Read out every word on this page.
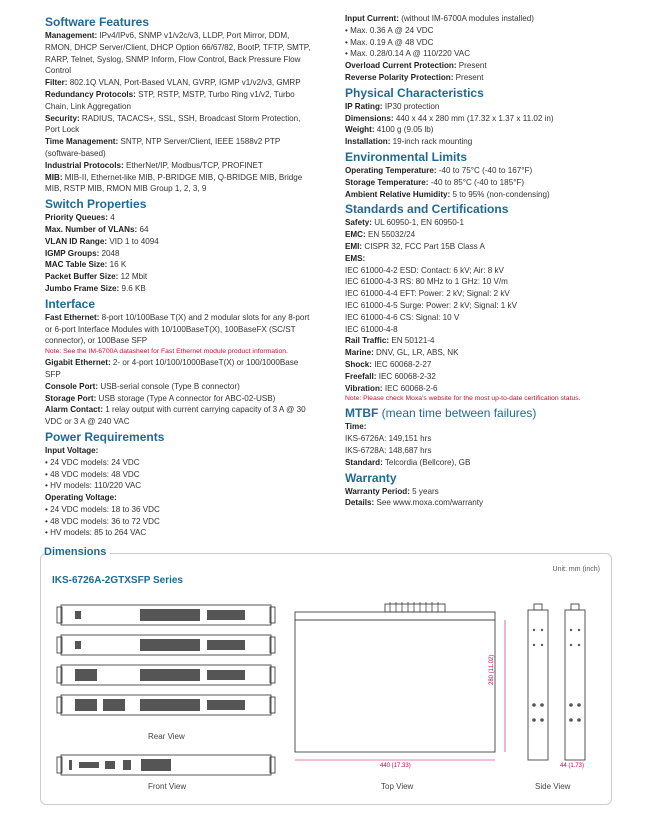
Software Features
Management: IPv4/IPv6, SNMP v1/v2c/v3, LLDP, Port Mirror, DDM, RMON, DHCP Server/Client, DHCP Option 66/67/82, BootP, TFTP, SMTP, RARP, Telnet, Syslog, SNMP Inform, Flow Control, Back Pressure Flow Control
Filter: 802.1Q VLAN, Port-Based VLAN, GVRP, IGMP v1/v2/v3, GMRP
Redundancy Protocols: STP, RSTP, MSTP, Turbo Ring v1/v2, Turbo Chain, Link Aggregation
Security: RADIUS, TACACS+, SSL, SSH, Broadcast Storm Protection, Port Lock
Time Management: SNTP, NTP Server/Client, IEEE 1588v2 PTP (software-based)
Industrial Protocols: EtherNet/IP, Modbus/TCP, PROFINET
MIB: MIB-II, Ethernet-like MIB, P-BRIDGE MIB, Q-BRIDGE MIB, Bridge MIB, RSTP MIB, RMON MIB Group 1, 2, 3, 9
Switch Properties
Priority Queues: 4
Max. Number of VLANs: 64
VLAN ID Range: VID 1 to 4094
IGMP Groups: 2048
MAC Table Size: 16 K
Packet Buffer Size: 12 Mbit
Jumbo Frame Size: 9.6 KB
Interface
Fast Ethernet: 8-port 10/100Base T(X) and 2 modular slots for any 8-port or 6-port Interface Modules with 10/100BaseT(X), 100BaseFX (SC/ST connector), or 100Base SFP
Note: See the IM-6700A datasheet for Fast Ethernet module product information.
Gigabit Ethernet: 2- or 4-port 10/100/1000BaseT(X) or 100/1000Base SFP
Console Port: USB-serial console (Type B connector)
Storage Port: USB storage (Type A connector for ABC-02-USB)
Alarm Contact: 1 relay output with current carrying capacity of 3 A @ 30 VDC or 3 A @ 240 VAC
Power Requirements
Input Voltage:
• 24 VDC models: 24 VDC
• 48 VDC models: 48 VDC
• HV models: 110/220 VAC
Operating Voltage:
• 24 VDC models: 18 to 36 VDC
• 48 VDC models: 36 to 72 VDC
• HV models: 85 to 264 VAC
Input Current: (without IM-6700A modules installed)
• Max. 0.36 A @ 24 VDC
• Max. 0.19 A @ 48 VDC
• Max. 0.28/0.14 A @ 110/220 VAC
Overload Current Protection: Present
Reverse Polarity Protection: Present
Physical Characteristics
IP Rating: IP30 protection
Dimensions: 440 x 44 x 280 mm (17.32 x 1.37 x 11.02 in)
Weight: 4100 g (9.05 lb)
Installation: 19-inch rack mounting
Environmental Limits
Operating Temperature: -40 to 75°C (-40 to 167°F)
Storage Temperature: -40 to 85°C (-40 to 185°F)
Ambient Relative Humidity: 5 to 95% (non-condensing)
Standards and Certifications
Safety: UL 60950-1, EN 60950-1
EMC: EN 55032/24
EMI: CISPR 32, FCC Part 15B Class A
EMS:
IEC 61000-4-2 ESD: Contact: 6 kV; Air: 8 kV
IEC 61000-4-3 RS: 80 MHz to 1 GHz: 10 V/m
IEC 61000-4-4 EFT: Power: 2 kV; Signal: 2 kV
IEC 61000-4-5 Surge: Power: 2 kV; Signal: 1 kV
IEC 61000-4-6 CS: Signal: 10 V
IEC 61000-4-8
Rail Traffic: EN 50121-4
Marine: DNV, GL, LR, ABS, NK
Shock: IEC 60068-2-27
Freefall: IEC 60068-2-32
Vibration: IEC 60068-2-6
Note: Please check Moxa's website for the most up-to-date certification status.
MTBF (mean time between failures)
Time:
IKS-6726A: 149,151 hrs
IKS-6728A: 148,687 hrs
Standard: Telcordia (Bellcore), GB
Warranty
Warranty Period: 5 years
Details: See www.moxa.com/warranty
Dimensions
IKS-6726A-2GTXSFP Series
Unit: mm (inch)
Rear View
Front View
440 (17.33)
280 (11.02)
Top View
44 (1.73)
Side View
